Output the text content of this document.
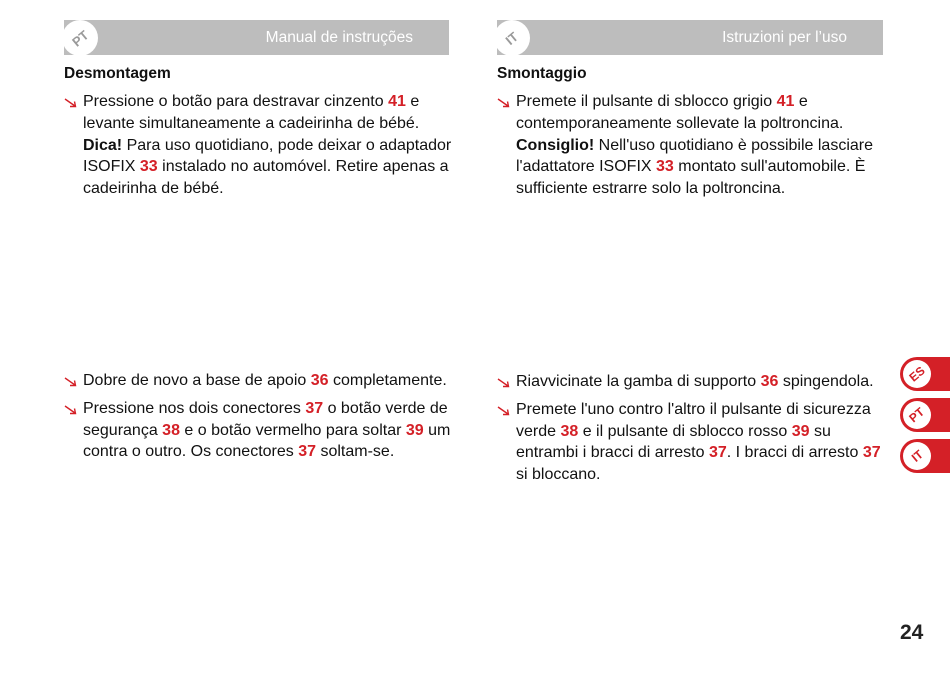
Manual de instruções
PT	Istruzioni per l’uso
IT
Desmontagem	Smontaggio
Pressione o botão para destravar cinzento 41 e levante simultaneamente a cadeirinha de bébé. Dica! Para uso quotidiano, pode deixar o adaptador ISOFIX 33 instalado no automóvel. Retire apenas a cadeirinha de bébé.
Premete il pulsante di sblocco grigio 41 e contemporaneamente sollevate la poltroncina. Consiglio! Nell'uso quotidiano è possibile lasciare l'adattatore ISOFIX 33 montato sull'automobile. È sufficiente estrarre solo la poltroncina.
Dobre de novo a base de apoio 36 completamente.
Pressione nos dois conectores 37 o botão verde de segurança 38 e o botão vermelho para soltar 39 um contra o outro. Os conectores 37 soltam-se.
Riavvicinate la gamba di supporto 36 spingendola.
Premete l'uno contro l'altro il pulsante di sicurezza verde 38 e il pulsante di sblocco rosso 39 su entrambi i bracci di arresto 37. I bracci di arresto 37 si bloccano.
ES
PT
IT
24
